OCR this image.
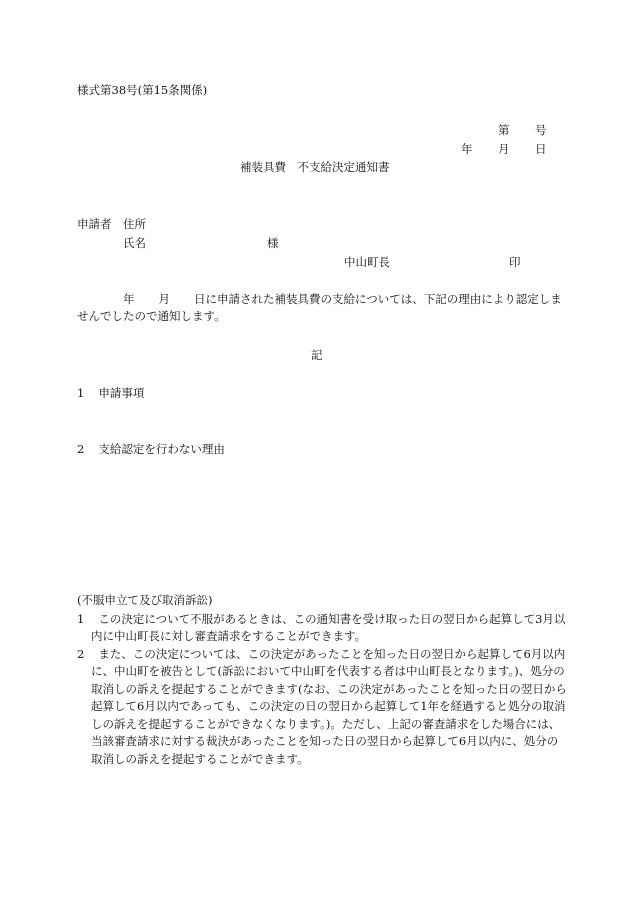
様式第38号(第15条関係)
第 号
年 月 日
補装具費　不支給決定通知書
申請者 住所
氏名	様
中山町長	印
年 月 日に申請された補装具費の支給については、下記の理由により認定しませんでしたので通知します。
記
1 申請事項
2 支給認定を行わない理由
(不服申立て及び取消訴訟)
1 この決定について不服があるときは、この通知書を受け取った日の翌日から起算して3月以内に中山町長に対し審査請求をすることができます。
2 また、この決定については、この決定があったことを知った日の翌日から起算して6月以内に、中山町を被告として(訴訟において中山町を代表する者は中山町長となります。)、処分の取消しの訴えを提起することができます(なお、この決定があったことを知った日の翌日から起算して6月以内であっても、この決定の日の翌日から起算して1年を経過すると処分の取消しの訴えを提起することができなくなります。)。ただし、上記の審査請求をした場合には、当該審査請求に対する裁決があったことを知った日の翌日から起算して6月以内に、処分の取消しの訴えを提起することができます。
